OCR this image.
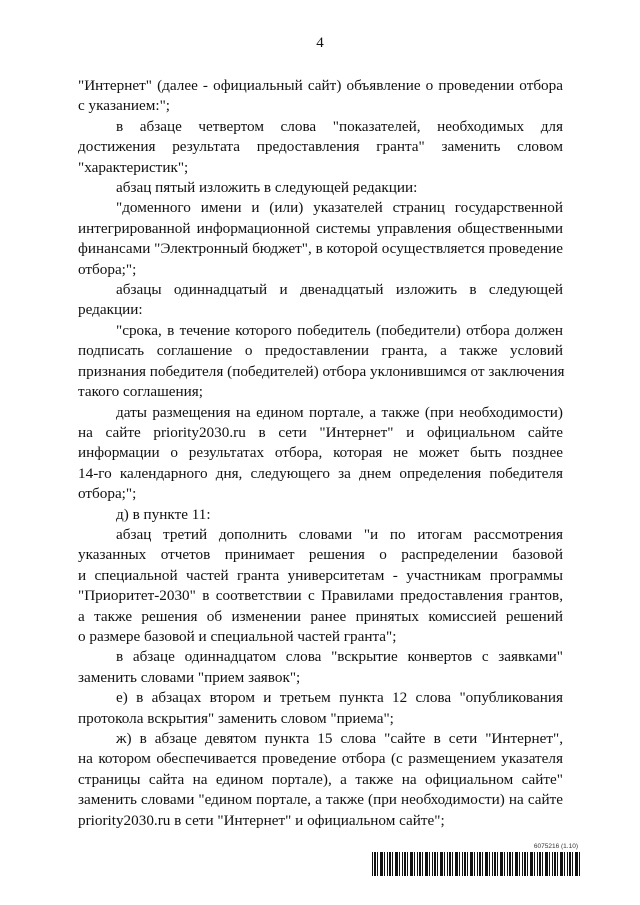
4

"Интернет" (далее - официальный сайт) объявление о проведении отбора

с указанием:";

в абзаце четвертом слова "показателей, необходимых для

достижения результата предоставления гранта" заменить словом

"характеристик";

абзац пятый изложить в следующей редакции:

"доменного имени и (или) указателей страниц государственной

интегрированной информационной системы управления общественными

финансами "Электронный бюджет", в которой осуществляется проведение

отбора;";

абзацы одиннадцатый и двенадцатый изложить в следующей

редакции:

"срока, в течение которого победитель (победители) отбора должен

подписать соглашение о предоставлении гранта, а также условий

признания победителя (победителей) отбора уклонившимся от заключения

такого соглашения;

даты размещения на едином портале, а также (при необходимости)

на сайте priority2030.ru в сети "Интернет" и официальном сайте

информации о результатах отбора, которая не может быть позднее

14-го календарного дня, следующего за днем определения победителя

отбора;";

д) в пункте 11:

абзац третий дополнить словами "и по итогам рассмотрения

указанных отчетов принимает решения о распределении базовой

и специальной частей гранта университетам - участникам программы

"Приоритет-2030" в соответствии с Правилами предоставления грантов,

а также решения об изменении ранее принятых комиссией решений

о размере базовой и специальной частей гранта";

в абзаце одиннадцатом слова "вскрытие конвертов с заявками"

заменить словами "прием заявок";

е) в абзацах втором и третьем пункта 12 слова "опубликования

протокола вскрытия" заменить словом "приема";

ж) в абзаце девятом пункта 15 слова "сайте в сети "Интернет",

на котором обеспечивается проведение отбора (с размещением указателя

страницы сайта на едином портале), а также на официальном сайте"

заменить словами "едином портале, а также (при необходимости) на сайте

priority2030.ru в сети "Интернет" и официальном сайте";

6075216 (1.10)
